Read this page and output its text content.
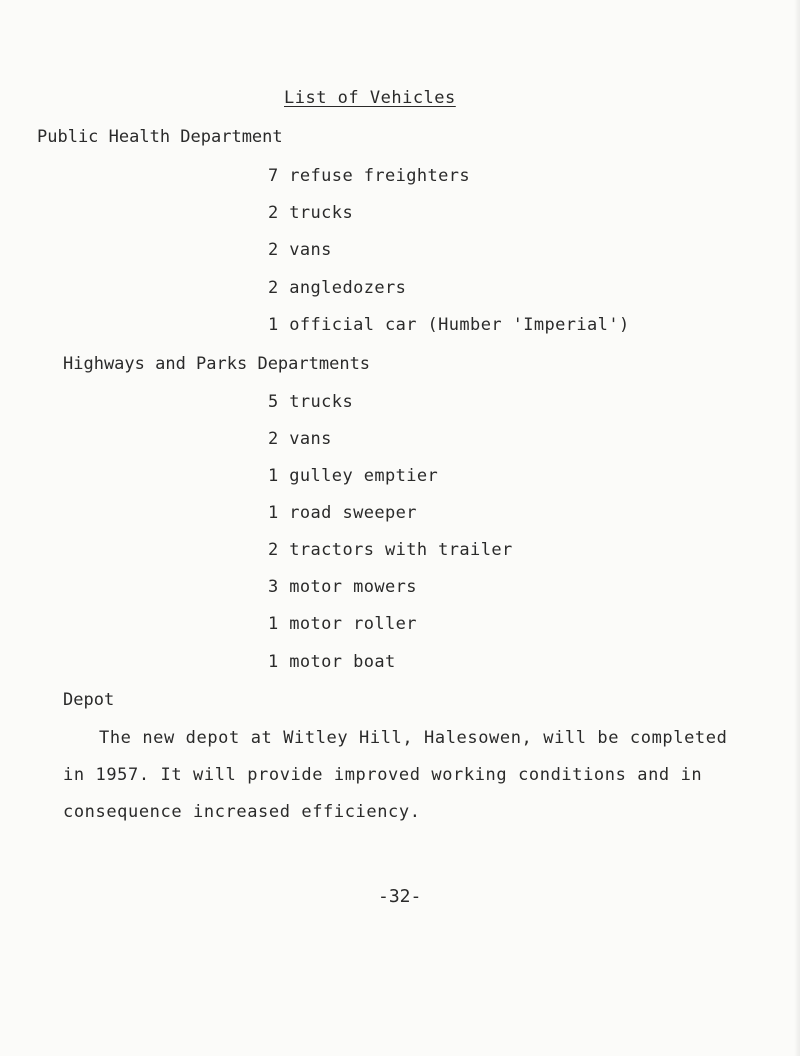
List of Vehicles
Public Health Department
7 refuse freighters
2 trucks
2 vans
2 angledozers
1 official car (Humber 'Imperial')
Highways and Parks Departments
5 trucks
2 vans
1 gulley emptier
1 road sweeper
2 tractors with trailer
3 motor mowers
1 motor roller
1 motor boat
Depot
The new depot at Witley Hill, Halesowen, will be completed
in 1957. It will provide improved working conditions and in
consequence increased efficiency.
-32-
